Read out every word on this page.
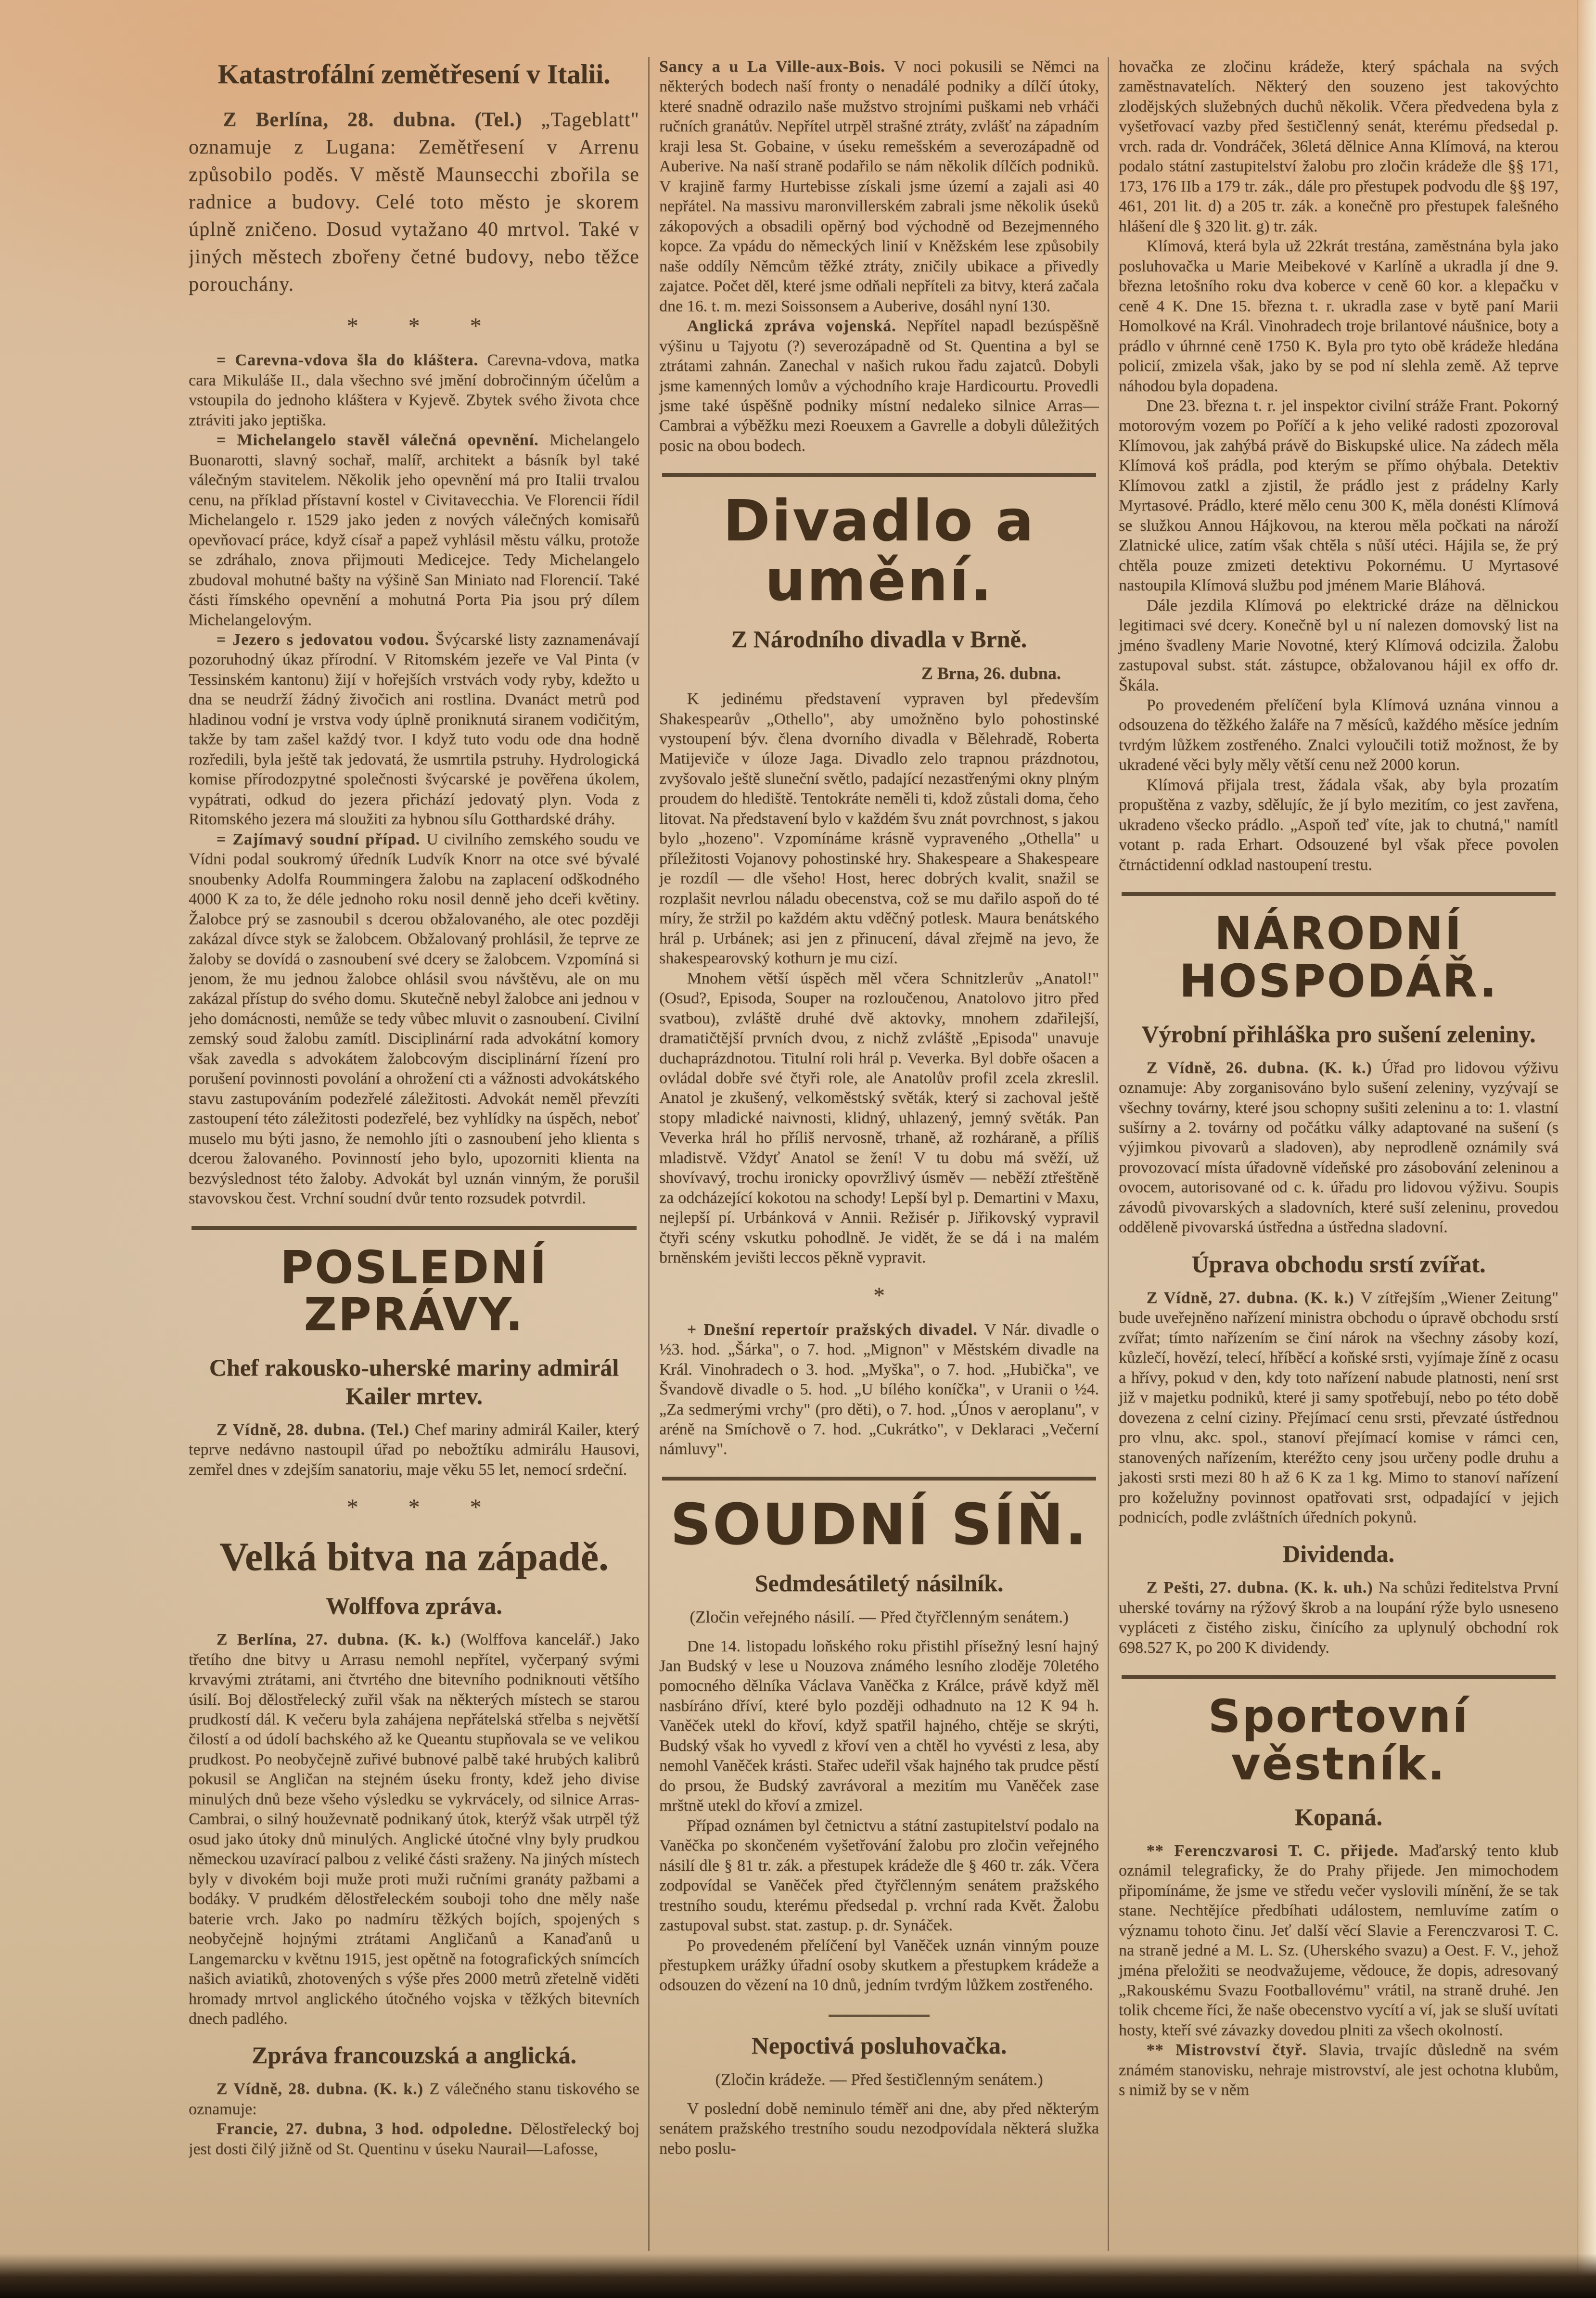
Katastrofální zemětřesení v Italii.

Z Berlína, 28. dubna. (Tel.) „Tageblatt" oznamuje z Lugana: Zemětřesení v Arrenu způsobilo poděs. V městě Maunsecchi zbořila se radnice a budovy. Celé toto město je skorem úplně zničeno. Dosud vytažano 40 mrtvol. Také v jiných městech zbořeny četné budovy, nebo těžce porouchány.

* * *

= Carevna-vdova šla do kláštera. Carevna-vdova, matka cara Mikuláše II., dala všechno své jmění dobročinným účelům a vstoupila do jednoho kláštera v Kyjevě. Zbytek svého života chce ztráviti jako jeptiška.

= Michelangelo stavěl válečná opevnění. Michelangelo Buonarotti, slavný sochař, malíř, architekt a básník byl také válečným stavitelem. Několik jeho opevnění má pro Italii trvalou cenu, na příklad přístavní kostel v Civitavecchia. Ve Florencii řídil Michelangelo r. 1529 jako jeden z nových válečných komisařů opevňovací práce, když císař a papež vyhlásil městu válku, protože se zdráhalo, znova přijmouti Medicejce. Tedy Michelangelo zbudoval mohutné bašty na výšině San Miniato nad Florencií. Také části římského opevnění a mohutná Porta Pia jsou prý dílem Michelangelovým.

= Jezero s jedovatou vodou. Švýcarské listy zaznamenávají pozoruhodný úkaz přírodní. V Ritomském jezeře ve Val Pinta (v Tessinském kantonu) žijí v hořejších vrstvách vody ryby, kdežto u dna se neudrží žádný živočich ani rostlina. Dvanáct metrů pod hladinou vodní je vrstva vody úplně proniknutá siranem vodičitým, takže by tam zašel každý tvor. I když tuto vodu ode dna hodně rozředili, byla ještě tak jedovatá, že usmrtila pstruhy. Hydrologická komise přírodozpytné společnosti švýcarské je pověřena úkolem, vypátrati, odkud do jezera přichází jedovatý plyn. Voda z Ritomského jezera má sloužiti za hybnou sílu Gotthardské dráhy.

= Zajímavý soudní případ. U civilního zemského soudu ve Vídni podal soukromý úředník Ludvík Knorr na otce své bývalé snoubenky Adolfa Roummingera žalobu na zaplacení odškodného 4000 K za to, že déle jednoho roku nosil denně jeho dceři květiny. Žalobce prý se zasnoubil s dcerou obžalovaného, ale otec později zakázal dívce styk se žalobcem. Obžalovaný prohlásil, že teprve ze žaloby se dovídá o zasnoubení své dcery se žalobcem. Vzpomíná si jenom, že mu jednou žalobce ohlásil svou návštěvu, ale on mu zakázal přístup do svého domu. Skutečně nebyl žalobce ani jednou v jeho domácnosti, nemůže se tedy vůbec mluvit o zasnoubení. Civilní zemský soud žalobu zamítl. Disciplinární rada advokátní komory však zavedla s advokátem žalobcovým disciplinární řízení pro porušení povinnosti povolání a ohrožení cti a vážnosti advokátského stavu zastupováním podezřelé záležitosti. Advokát neměl převzíti zastoupení této záležitosti podezřelé, bez vyhlídky na úspěch, neboť muselo mu býti jasno, že nemohlo jíti o zasnoubení jeho klienta s dcerou žalovaného. Povinností jeho bylo, upozorniti klienta na bezvýslednost této žaloby. Advokát byl uznán vinným, že porušil stavovskou čest. Vrchní soudní dvůr tento rozsudek potvrdil.

POSLEDNÍ ZPRÁVY.
Chef rakousko-uherské mariny admirál Kailer mrtev.

Z Vídně, 28. dubna. (Tel.) Chef mariny admirál Kailer, který teprve nedávno nastoupil úřad po nebožtíku admirálu Hausovi, zemřel dnes v zdejším sanatoriu, maje věku 55 let, nemocí srdeční.

* * *
Velká bitva na západě.
Wolffova zpráva.

Z Berlína, 27. dubna. (K. k.) (Wolffova kancelář.) Jako třetího dne bitvy u Arrasu nemohl nepřítel, vyčerpaný svými krvavými ztrátami, ani čtvrtého dne bitevního podniknouti většího úsilí. Boj dělostřelecký zuřil však na některých místech se starou prudkostí dál. K večeru byla zahájena nepřátelská střelba s největší čilostí a od údolí bachského až ke Queantu stupňovala se ve velikou prudkost. Po neobyčejně zuřivé bubnové palbě také hrubých kalibrů pokusil se Angličan na stejném úseku fronty, kdež jeho divise minulých dnů beze všeho výsledku se vykrvácely, od silnice Arras-Cambrai, o silný houževnatě podnikaný útok, kterýž však utrpěl týž osud jako útoky dnů minulých. Anglické útočné vlny byly prudkou německou uzavírací palbou z veliké části sraženy. Na jiných místech byly v divokém boji muže proti muži ručními granáty pažbami a bodáky. V prudkém dělostřeleckém souboji toho dne měly naše baterie vrch. Jako po nadmíru těžkých bojích, spojených s neobyčejně hojnými ztrátami Angličanů a Kanaďanů u Langemarcku v květnu 1915, jest opětně na fotografických snímcích našich aviatiků, zhotovených s výše přes 2000 metrů zřetelně viděti hromady mrtvol anglického útočného vojska v těžkých bitevních dnech padlého.

Zpráva francouzská a anglická.

Z Vídně, 28. dubna. (K. k.) Z válečného stanu tiskového se oznamuje:

Francie, 27. dubna, 3 hod. odpoledne. Dělostřelecký boj jest dosti čilý jižně od St. Quentinu v úseku Naurail—Lafosse,

Sancy a u La Ville-aux-Bois. V noci pokusili se Němci na některých bodech naší fronty o nenadálé podniky a dílčí útoky, které snadně odrazilo naše mužstvo strojními puškami neb vrháči ručních granátův. Nepřítel utrpěl strašné ztráty, zvlášť na západním kraji lesa St. Gobaine, v úseku remešském a severozápadně od Auberive. Na naší straně podařilo se nám několik dílčích podniků. V krajině farmy Hurtebisse získali jsme území a zajali asi 40 nepřátel. Na massivu maronvillerském zabrali jsme několik úseků zákopových a obsadili opěrný bod východně od Bezejmenného kopce. Za vpádu do německých linií v Kněžském lese způsobily naše oddíly Němcům těžké ztráty, zničily ubikace a přivedly zajatce. Počet děl, které jsme odňali nepříteli za bitvy, která začala dne 16. t. m. mezi Soissonsem a Auberive, dosáhl nyní 130.

Anglická zpráva vojenská. Nepřítel napadl bezúspěšně výšinu u Tajyotu (?) severozápadně od St. Quentina a byl se ztrátami zahnán. Zanechal v našich rukou řadu zajatců. Dobyli jsme kamenných lomův a východního kraje Hardicourtu. Provedli jsme také úspěšně podniky místní nedaleko silnice Arras—Cambrai a výběžku mezi Roeuxem a Gavrelle a dobyli důležitých posic na obou bodech.

Divadlo a umění.
Z Národního divadla v Brně.

Z Brna, 26. dubna.

K jedinému představení vypraven byl především Shakespearův „Othello", aby umožněno bylo pohostinské vystoupení býv. člena dvorního divadla v Bělehradě, Roberta Matijeviče v úloze Jaga. Divadlo zelo trapnou prázdnotou, zvyšovalo ještě sluneční světlo, padající nezastřenými okny plným proudem do hlediště. Tentokráte neměli ti, kdož zůstali doma, čeho litovat. Na představení bylo v každém švu znát povrchnost, s jakou bylo „hozeno". Vzpomínáme krásně vypraveného „Othella" u příležitosti Vojanovy pohostinské hry. Shakespeare a Shakespeare je rozdíl — dle všeho! Host, herec dobrých kvalit, snažil se rozplašit nevrlou náladu obecenstva, což se mu dařilo aspoň do té míry, že stržil po každém aktu vděčný potlesk. Maura benátského hrál p. Urbánek; asi jen z přinucení, dával zřejmě na jevo, že shakespearovský kothurn je mu cizí.

Mnohem větší úspěch měl včera Schnitzlerův „Anatol!" (Osud?, Episoda, Souper na rozloučenou, Anatolovo jitro před svatbou), zvláště druhé dvě aktovky, mnohem zdařilejší, dramatičtější prvních dvou, z nichž zvláště „Episoda" unavuje duchaprázdnotou. Titulní roli hrál p. Veverka. Byl dobře ošacen a ovládal dobře své čtyři role, ale Anatolův profil zcela zkreslil. Anatol je zkušený, velkoměstský světák, který si zachoval ještě stopy mladické naivnosti, klidný, uhlazený, jemný světák. Pan Veverka hrál ho příliš nervosně, trhaně, až rozháraně, a příliš mladistvě. Vždyť Anatol se žení! V tu dobu má svěží, už shovívavý, trochu ironicky opovržlivý úsměv — neběží ztřeštěně za odcházející kokotou na schody! Lepší byl p. Demartini v Maxu, nejlepší pí. Urbánková v Annii. Režisér p. Jiřikovský vypravil čtyři scény vskutku pohodlně. Je vidět, že se dá i na malém brněnském jevišti leccos pěkně vypravit.

*

+ Dnešní repertoír pražských divadel. V Nár. divadle o ½3. hod. „Šárka", o 7. hod. „Mignon" v Městském divadle na Král. Vinohradech o 3. hod. „Myška", o 7. hod. „Hubička", ve Švandově divadle o 5. hod. „U bílého koníčka", v Uranii o ½4. „Za sedmerými vrchy" (pro děti), o 7. hod. „Únos v aeroplanu", v aréně na Smíchově o 7. hod. „Cukrátko", v Deklaraci „Večerní námluvy".

SOUDNÍ SÍŇ.
Sedmdesátiletý násilník.

(Zločin veřejného násilí. — Před čtyřčlenným senátem.)

Dne 14. listopadu loňského roku přistihl přísežný lesní hajný Jan Budský v lese u Nouzova známého lesního zloděje 70letého pomocného dělníka Václava Vaněčka z Králce, právě když měl nasbíráno dříví, které bylo později odhadnuto na 12 K 94 h. Vaněček utekl do křoví, když spatřil hajného, chtěje se skrýti, Budský však ho vyvedl z křoví ven a chtěl ho vyvésti z lesa, aby nemohl Vaněček krásti. Stařec udeřil však hajného tak prudce pěstí do prsou, že Budský zavrávoral a mezitím mu Vaněček zase mrštně utekl do křoví a zmizel.

Případ oznámen byl četnictvu a státní zastupitelství podalo na Vaněčka po skončeném vyšetřování žalobu pro zločin veřejného násilí dle § 81 tr. zák. a přestupek krádeže dle § 460 tr. zák. Včera zodpovídal se Vaněček před čtyřčlenným senátem pražského trestního soudu, kterému předsedal p. vrchní rada Květ. Žalobu zastupoval subst. stat. zastup. p. dr. Synáček.

Po provedeném přelíčení byl Vaněček uznán vinným pouze přestupkem urážky úřadní osoby skutkem a přestupkem krádeže a odsouzen do vězení na 10 dnů, jedním tvrdým lůžkem zostřeného.

Nepoctivá posluhovačka.

(Zločin krádeže. — Před šestičlenným senátem.)

V poslední době neminulo téměř ani dne, aby před některým senátem pražského trestního soudu nezodpovídala některá služka nebo poslu-

hovačka ze zločinu krádeže, který spáchala na svých zaměstnavatelích. Některý den souzeno jest takovýchto zlodějských služebných duchů několik. Včera předvedena byla z vyšetřovací vazby před šestičlenný senát, kterému předsedal p. vrch. rada dr. Vondráček, 36letá dělnice Anna Klímová, na kterou podalo státní zastupitelství žalobu pro zločin krádeže dle §§ 171, 173, 176 IIb a 179 tr. zák., dále pro přestupek podvodu dle §§ 197, 461, 201 lit. d) a 205 tr. zák. a konečně pro přestupek falešného hlášení dle § 320 lit. g) tr. zák.

Klímová, která byla už 22krát trestána, zaměstnána byla jako posluhovačka u Marie Meibekové v Karlíně a ukradla jí dne 9. března letošního roku dva koberce v ceně 60 kor. a klepačku v ceně 4 K. Dne 15. března t. r. ukradla zase v bytě paní Marii Homolkové na Král. Vinohradech troje brilantové náušnice, boty a prádlo v úhrnné ceně 1750 K. Byla pro tyto obě krádeže hledána policií, zmizela však, jako by se pod ní slehla země. Až teprve náhodou byla dopadena.

Dne 23. března t. r. jel inspektor civilní stráže Frant. Pokorný motorovým vozem po Poříčí a k jeho veliké radosti zpozoroval Klímovou, jak zahýbá právě do Biskupské ulice. Na zádech měla Klímová koš prádla, pod kterým se přímo ohýbala. Detektiv Klímovou zatkl a zjistil, že prádlo jest z prádelny Karly Myrtasové. Prádlo, které mělo cenu 300 K, měla donésti Klímová se služkou Annou Hájkovou, na kterou měla počkati na nároží Zlatnické ulice, zatím však chtěla s nůší utéci. Hájila se, že prý chtěla pouze zmizeti detektivu Pokornému. U Myrtasové nastoupila Klímová službu pod jménem Marie Bláhová.

Dále jezdila Klímová po elektrické dráze na dělnickou legitimaci své dcery. Konečně byl u ní nalezen domovský list na jméno švadleny Marie Novotné, který Klímová odcizila. Žalobu zastupoval subst. stát. zástupce, obžalovanou hájil ex offo dr. Škála.

Po provedeném přelíčení byla Klímová uznána vinnou a odsouzena do těžkého žaláře na 7 měsíců, každého měsíce jedním tvrdým lůžkem zostřeného. Znalci vyloučili totiž možnost, že by ukradené věci byly měly větší cenu než 2000 korun.

Klímová přijala trest, žádala však, aby byla prozatím propuštěna z vazby, sdělujíc, že jí bylo mezitím, co jest zavřena, ukradeno všecko prádlo. „Aspoň teď víte, jak to chutná," namítl votant p. rada Erhart. Odsouzené byl však přece povolen čtrnáctidenní odklad nastoupení trestu.

NÁRODNÍ HOSPODÁŘ.
Výrobní přihláška pro sušení zeleniny.

Z Vídně, 26. dubna. (K. k.) Úřad pro lidovou výživu oznamuje: Aby zorganisováno bylo sušení zeleniny, vyzývají se všechny továrny, které jsou schopny sušiti zeleninu a to: 1. vlastní sušírny a 2. továrny od počátku války adaptované na sušení (s výjimkou pivovarů a sladoven), aby neprodleně oznámily svá provozovací místa úřadovně vídeňské pro zásobování zeleninou a ovocem, autorisované od c. k. úřadu pro lidovou výživu. Soupis závodů pivovarských a sladovních, které suší zeleninu, provedou odděleně pivovarská ústředna a ústředna sladovní.

Úprava obchodu srstí zvířat.

Z Vídně, 27. dubna. (K. k.) V zítřejším „Wiener Zeitung" bude uveřejněno nařízení ministra obchodu o úpravě obchodu srstí zvířat; tímto nařízením se činí nárok na všechny zásoby kozí, kůzlečí, hovězí, telecí, hříběcí a koňské srsti, vyjímaje žíně z ocasu a hřívy, pokud v den, kdy toto nařízení nabude platnosti, není srst již v majetku podniků, které ji samy spotřebují, nebo po této době dovezena z celní ciziny. Přejímací cenu srsti, převzaté ústřednou pro vlnu, akc. spol., stanoví přejímací komise v rámci cen, stanovených nařízením, kteréžto ceny jsou určeny podle druhu a jakosti srsti mezi 80 h až 6 K za 1 kg. Mimo to stanoví nařízení pro koželužny povinnost opatřovati srst, odpadající v jejich podnicích, podle zvláštních úředních pokynů.

Dividenda.

Z Pešti, 27. dubna. (K. k. uh.) Na schůzi ředitelstva První uherské továrny na rýžový škrob a na loupání rýže bylo usneseno vypláceti z čistého zisku, činícího za uplynulý obchodní rok 698.527 K, po 200 K dividendy.

Sportovní věstník.
Kopaná.

** Ferenczvarosi T. C. přijede. Maďarský tento klub oznámil telegraficky, že do Prahy přijede. Jen mimochodem připomínáme, že jsme ve středu večer vyslovili mínění, že se tak stane. Nechtějíce předbíhati událostem, nemluvíme zatím o významu tohoto činu. Jeť další věcí Slavie a Ferenczvarosi T. C. na straně jedné a M. L. Sz. (Uherského svazu) a Oest. F. V., jehož jména přeložiti se neodvažujeme, vědouce, že dopis, adresovaný „Rakouskému Svazu Footballovému" vrátil, na straně druhé. Jen tolik chceme říci, že naše obecenstvo vycítí a ví, jak se sluší uvítati hosty, kteří své závazky dovedou plniti za všech okolností.

** Mistrovství čtyř. Slavia, trvajíc důsledně na svém známém stanovisku, nehraje mistrovství, ale jest ochotna klubům, s nimiž by se v něm
